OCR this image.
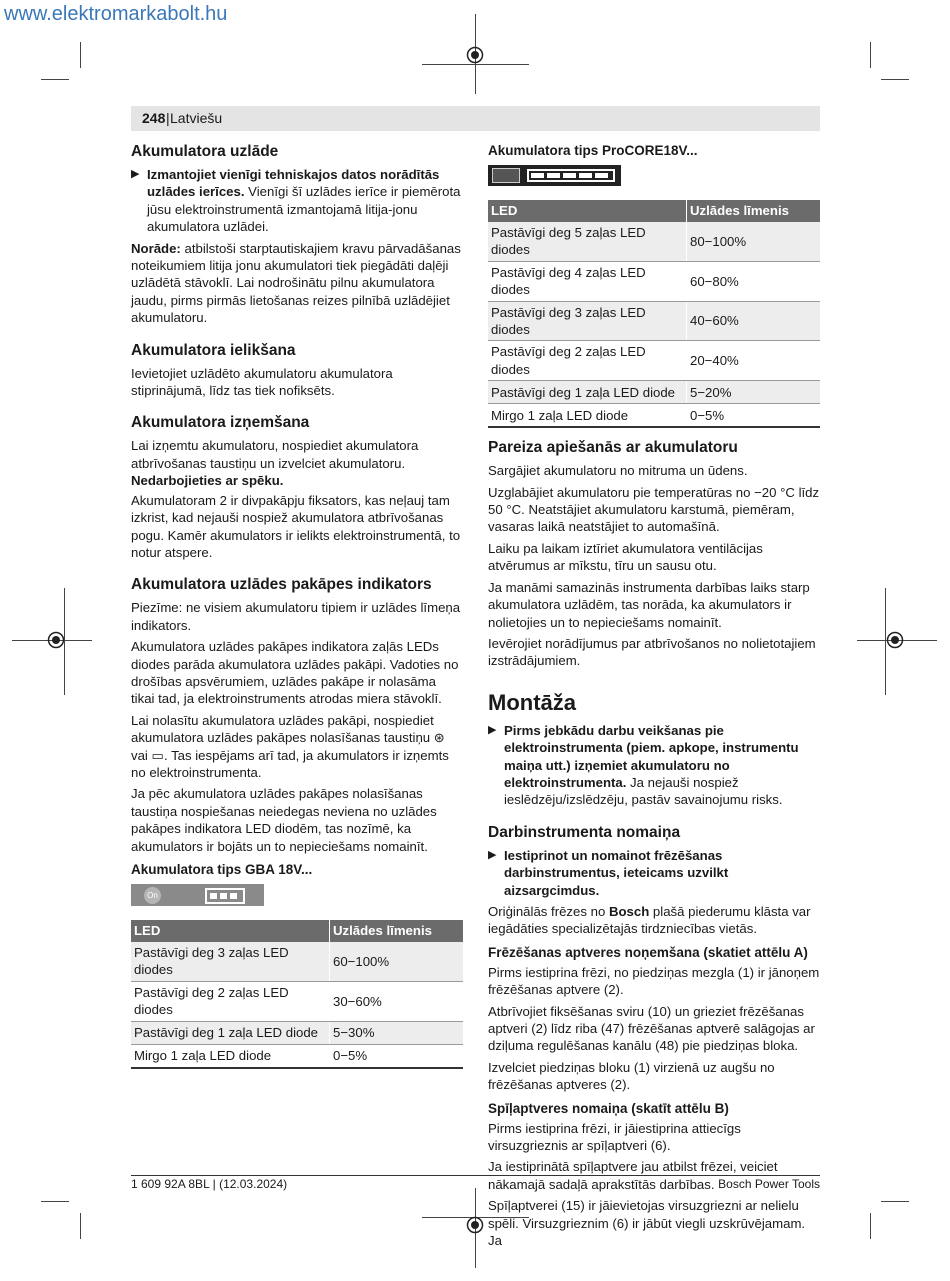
www.elektromarkabolt.hu
248 | Latviešu
Akumulatora uzlāde
▶ Izmantojiet vienīgi tehniskajos datos norādītās uzlādes ierīces. Vienīgi šī uzlādes ierīce ir piemērota jūsu elektroinstrumentā izmantojamā litija-jonu akumulatora uzlādei.

Norāde: atbilstoši starptautiskajiem kravu pārvadāšanas noteikumiem litija jonu akumulatori tiek piegādāti daļēji uzlādētā stāvoklī. Lai nodrošinātu pilnu akumulatora jaudu, pirms pirmās lietošanas reizes pilnībā uzlādējiet akumulatoru.

Akumulatora ielikšana

Ievietojiet uzlādēto akumulatoru akumulatora stiprinājumā, līdz tas tiek nofiksēts.

Akumulatora izņemšana

Lai izņemtu akumulatoru, nospiediet akumulatora atbrīvošanas taustiņu un izvelciet akumulatoru.

Nedarbojieties ar spēku.

Akumulatoram 2 ir divpakāpju fiksators, kas neļauj tam izkrist, kad nejauši nospiež akumulatora atbrīvošanas pogu. Kamēr akumulators ir ielikts elektroinstrumentā, to notur atspere.

Akumulatora uzlādes pakāpes indikators

Piezīme: ne visiem akumulatoru tipiem ir uzlādes līmeņa indikators.

Akumulatora uzlādes pakāpes indikatora zaļās LEDs diodes parāda akumulatora uzlādes pakāpi. Vadoties no drošības apsvērumiem, uzlādes pakāpe ir nolasāma tikai tad, ja elektroinstruments atrodas miera stāvoklī.

Lai nolasītu akumulatora uzlādes pakāpi, nospiediet akumulatora uzlādes pakāpes nolasīšanas taustiņu ⊛ vai ▭. Tas iespējams arī tad, ja akumulators ir izņemts no elektroinstrumenta.

Ja pēc akumulatora uzlādes pakāpes nolasīšanas taustiņa nospiešanas neiedegas neviena no uzlādes pakāpes indikatora LED diodēm, tas nozīmē, ka akumulators ir bojāts un to nepieciešams nomainīt.

Akumulatora tips GBA 18V...
On
LED	Uzlādes līmenis
Pastāvīgi deg 3 zaļas LED diodes	60−100%
Pastāvīgi deg 2 zaļas LED diodes	30−60%
Pastāvīgi deg 1 zaļa LED diode	5−30%
Mirgo 1 zaļa LED diode	0−5%
Akumulatora tips ProCORE18V...
LED	Uzlādes līmenis
Pastāvīgi deg 5 zaļas LED diodes	80−100%
Pastāvīgi deg 4 zaļas LED diodes	60−80%
Pastāvīgi deg 3 zaļas LED diodes	40−60%
Pastāvīgi deg 2 zaļas LED diodes	20−40%
Pastāvīgi deg 1 zaļa LED diode	5−20%
Mirgo 1 zaļa LED diode	0−5%
Pareiza apiešanās ar akumulatoru

Sargājiet akumulatoru no mitruma un ūdens.

Uzglabājiet akumulatoru pie temperatūras no −20 °C līdz 50 °C. Neatstājiet akumulatoru karstumā, piemēram, vasaras laikā neatstājiet to automašīnā.

Laiku pa laikam iztīriet akumulatora ventilācijas atvērumus ar mīkstu, tīru un sausu otu.

Ja manāmi samazinās instrumenta darbības laiks starp akumulatora uzlādēm, tas norāda, ka akumulators ir nolietojies un to nepieciešams nomainīt.

Ievērojiet norādījumus par atbrīvošanos no nolietotajiem izstrādājumiem.

Montāža
▶ Pirms jebkādu darbu veikšanas pie elektroinstrumenta (piem. apkope, instrumentu maiņa utt.) izņemiet akumulatoru no elektroinstrumenta. Ja nejauši nospiež ieslēdzēju/izslēdzēju, pastāv savainojumu risks.
Darbinstrumenta nomaiņa
▶ Iestiprinot un nomainot frēzēšanas darbinstrumentus, ieteicams uzvilkt aizsargcimdus.

Oriģinālās frēzes no Bosch plašā piederumu klāsta var iegādāties specializētajās tirdzniecības vietās.

Frēzēšanas aptveres noņemšana (skatiet attēlu A)

Pirms iestiprina frēzi, no piedziņas mezgla (1) ir jānoņem frēzēšanas aptvere (2).

Atbrīvojiet fiksēšanas sviru (10) un grieziet frēzēšanas aptveri (2) līdz riba (47) frēzēšanas aptverē salāgojas ar dziļuma regulēšanas kanālu (48) pie piedziņas bloka.

Izvelciet piedziņas bloku (1) virzienā uz augšu no frēzēšanas aptveres (2).

Spīļaptveres nomaiņa (skatīt attēlu B)

Pirms iestiprina frēzi, ir jāiestiprina attiecīgs virsuzgrieznis ar spīļaptveri (6).

Ja iestiprinātā spīļaptvere jau atbilst frēzei, veiciet nākamajā sadaļā aprakstītās darbības.

Spīļaptverei (15) ir jāievietojas virsuzgriezni ar nelielu spēli. Virsuzgrieznim (6) ir jābūt viegli uzskrūvējamam. Ja

1 609 92A 8BL | (12.03.2024)	Bosch Power Tools
